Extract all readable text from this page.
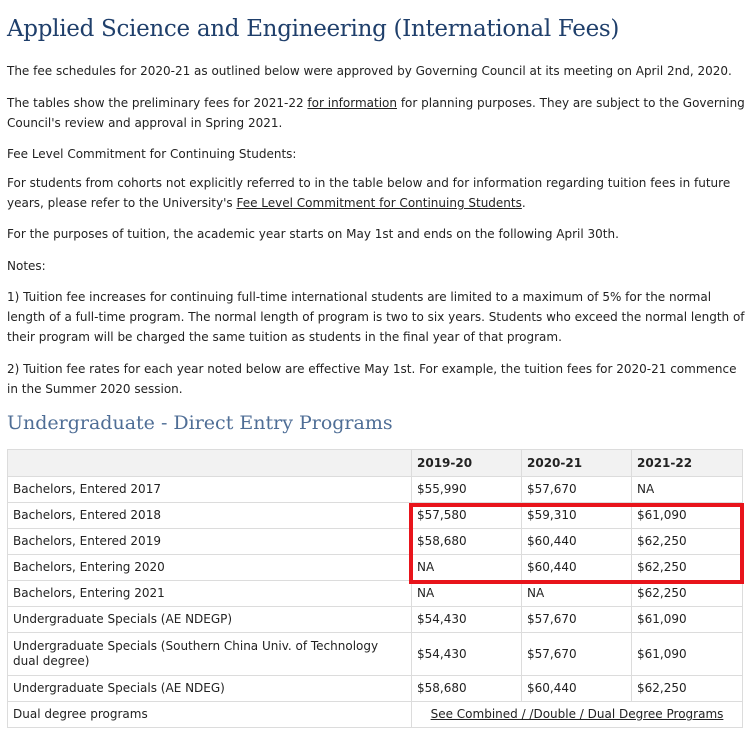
Applied Science and Engineering (International Fees)

The fee schedules for 2020-21 as outlined below were approved by Governing Council at its meeting on April 2nd, 2020.

The tables show the preliminary fees for 2021-22 for information for planning purposes. They are subject to the Governing Council's review and approval in Spring 2021.

Fee Level Commitment for Continuing Students:

For students from cohorts not explicitly referred to in the table below and for information regarding tuition fees in future years, please refer to the University's Fee Level Commitment for Continuing Students.

For the purposes of tuition, the academic year starts on May 1st and ends on the following April 30th.

Notes:

1) Tuition fee increases for continuing full-time international students are limited to a maximum of 5% for the normal length of a full-time program. The normal length of program is two to six years. Students who exceed the normal length of their program will be charged the same tuition as students in the final year of that program.

2) Tuition fee rates for each year noted below are effective May 1st. For example, the tuition fees for 2020-21 commence in the Summer 2020 session.

Undergraduate - Direct Entry Programs
	2019-20	2020-21	2021-22
Bachelors, Entered 2017	$55,990	$57,670	NA
Bachelors, Entered 2018	$57,580	$59,310	$61,090
Bachelors, Entered 2019	$58,680	$60,440	$62,250
Bachelors, Entering 2020	NA	$60,440	$62,250
Bachelors, Entering 2021	NA	NA	$62,250
Undergraduate Specials (AE NDEGP)	$54,430	$57,670	$61,090
Undergraduate Specials (Southern China Univ. of Technology dual degree)	$54,430	$57,670	$61,090
Undergraduate Specials (AE NDEG)	$58,680	$60,440	$62,250
Dual degree programs	See Combined / /Double / Dual Degree Programs		
